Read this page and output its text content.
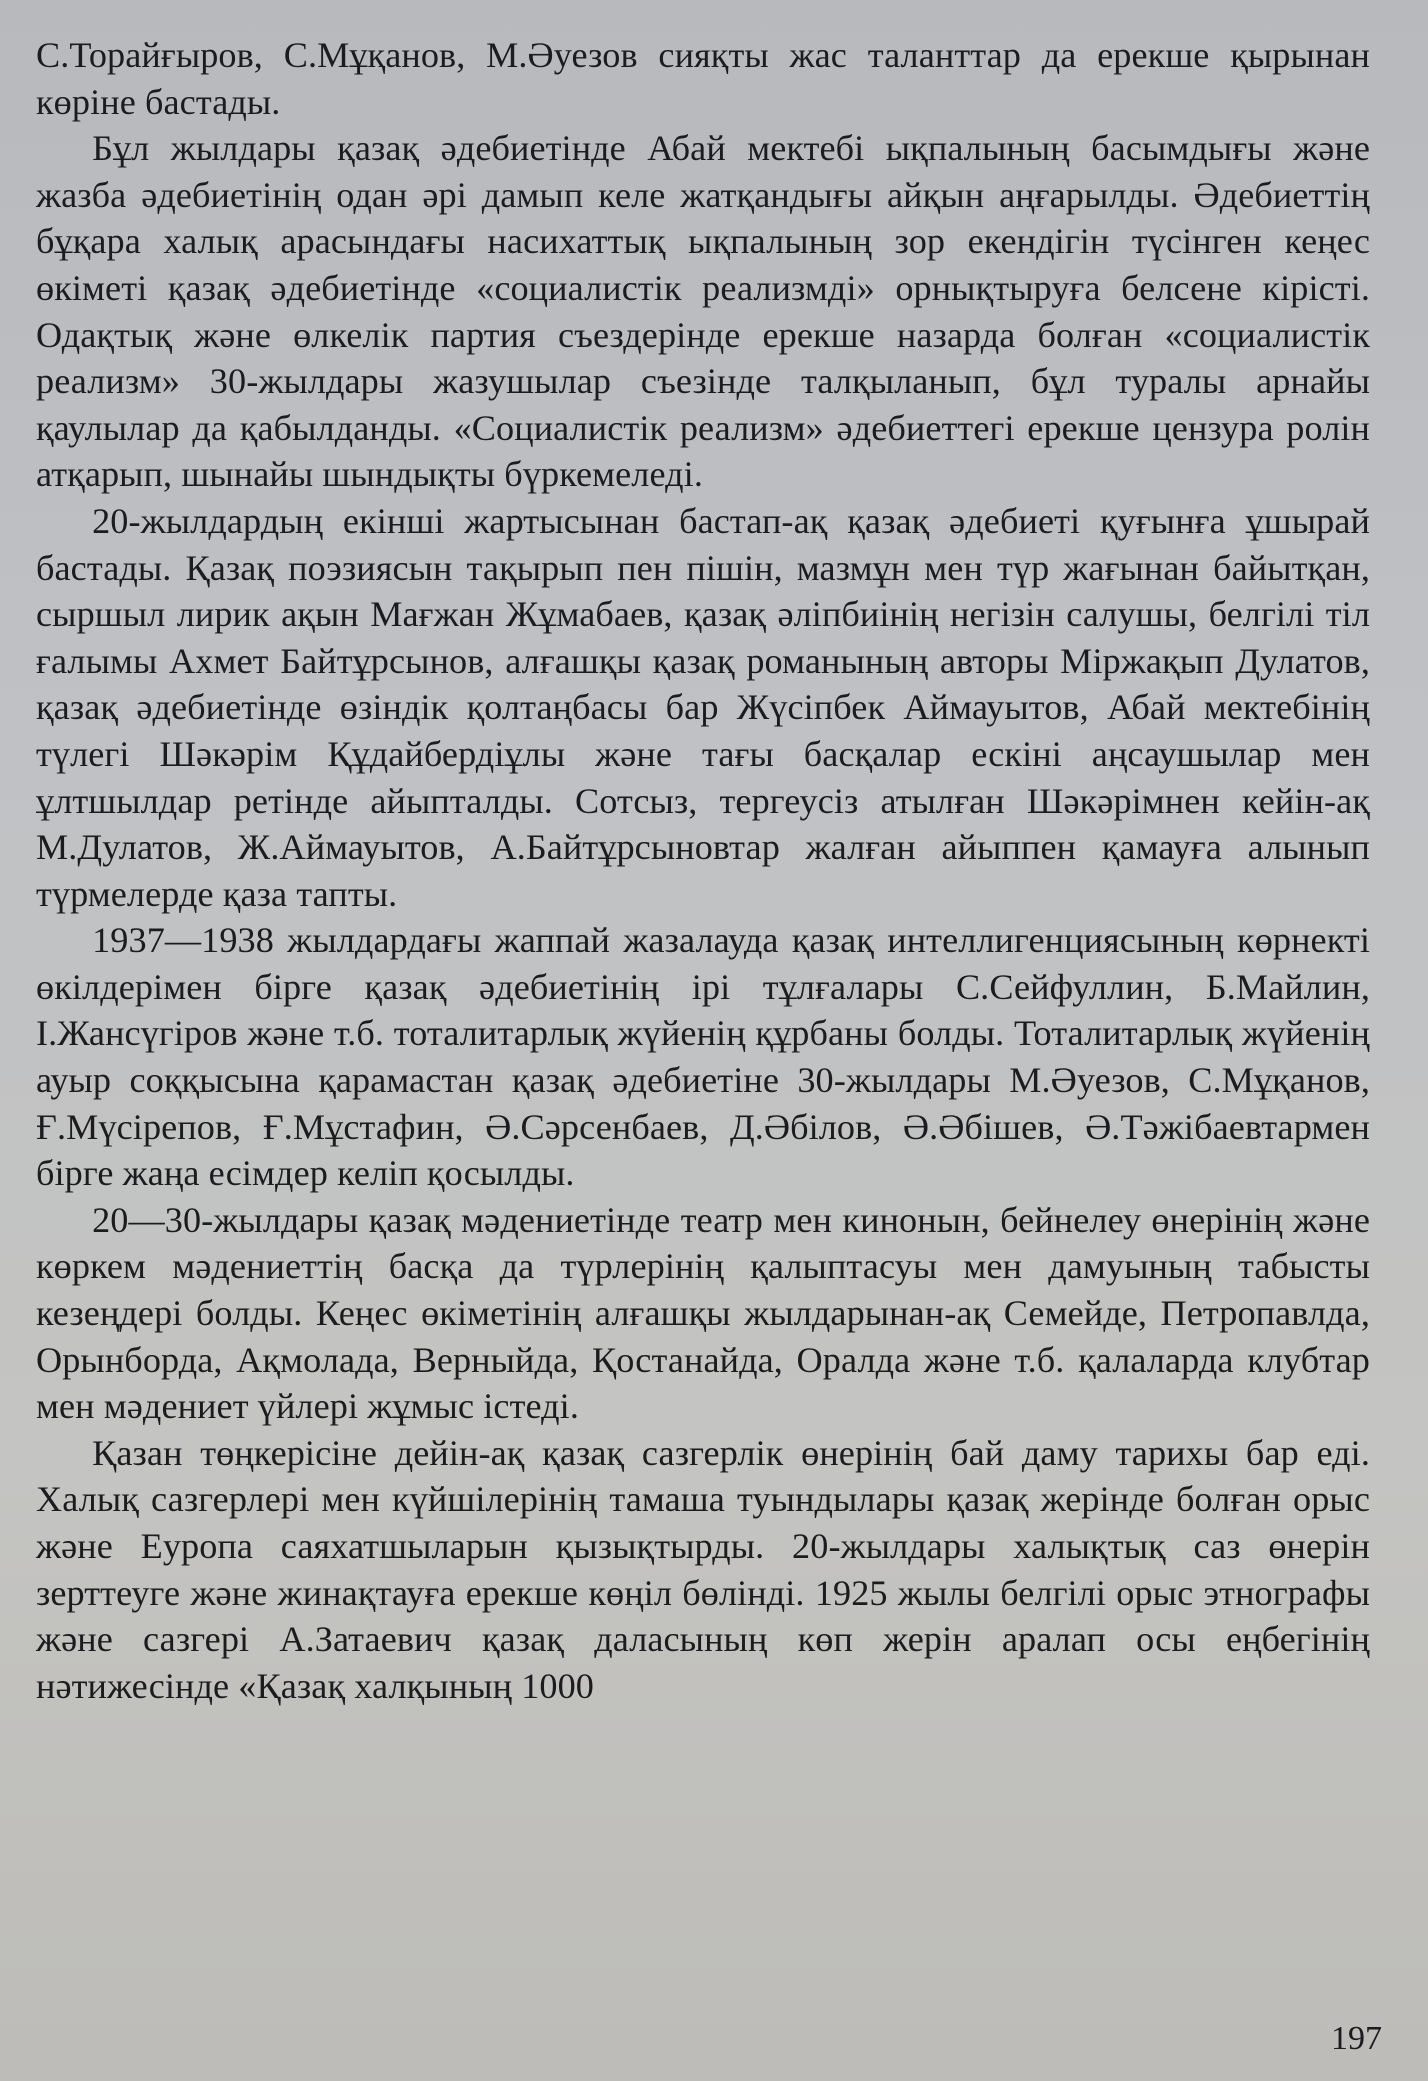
С.Торайғыров, С.Мұқанов, М.Әуезов сияқты жас таланттар да ерекше қырынан көріне бастады.

Бұл жылдары қазақ әдебиетінде Абай мектебі ықпалының басымдығы және жазба әдебиетінің одан әрі дамып келе жатқандығы айқын аңғарылды. Әдебиеттің бұқара халық арасындағы насихаттық ықпалының зор екендігін түсінген кеңес өкіметі қазақ әдебиетінде «социалистік реализмді» орнықтыруға белсене кірісті. Одақтық және өлкелік партия съездерінде ерекше назарда болған «социалистік реализм» 30-жылдары жазушылар съезінде талқыланып, бұл туралы арнайы қаулылар да қабылданды. «Социалистік реализм» әдебиеттегі ерекше цензура ролін атқарып, шынайы шындықты бүркемеледі.

20-жылдардың екінші жартысынан бастап-ақ қазақ әдебиеті қуғынға ұшырай бастады. Қазақ поэзиясын тақырып пен пішін, мазмұн мен түр жағынан байытқан, сыршыл лирик ақын Мағжан Жұмабаев, қазақ әліпбиінің негізін салушы, белгілі тіл ғалымы Ахмет Байтұрсынов, алғашқы қазақ романының авторы Міржақып Дулатов, қазақ әдебиетінде өзіндік қолтаңбасы бар Жүсіпбек Аймауытов, Абай мектебінің түлегі Шәкәрім Құдайбердіұлы және тағы басқалар ескіні аңсаушылар мен ұлтшылдар ретінде айыпталды. Сотсыз, тергеусіз атылған Шәкәрімнен кейін-ақ М.Дулатов, Ж.Аймауытов, А.Байтұрсыновтар жалған айыппен қамауға алынып түрмелерде қаза тапты.

1937—1938 жылдардағы жаппай жазалауда қазақ интеллигенциясының көрнекті өкілдерімен бірге қазақ әдебиетінің ірі тұлғалары С.Сейфуллин, Б.Майлин, І.Жансүгіров және т.б. тоталитарлық жүйенің құрбаны болды. Тоталитарлық жүйенің ауыр соққысына қарамастан қазақ әдебиетіне 30-жылдары М.Әуезов, С.Мұқанов, Ғ.Мүсірепов, Ғ.Мұстафин, Ә.Сәрсенбаев, Д.Әбілов, Ә.Әбішев, Ә.Тәжібаевтармен бірге жаңа есімдер келіп қосылды.

20—30-жылдары қазақ мәдениетінде театр мен кинонын, бейнелеу өнерінің және көркем мәдениеттің басқа да түрлерінің қалыптасуы мен дамуының табысты кезеңдері болды. Кеңес өкіметінің алғашқы жылдарынан-ақ Семейде, Петропавлда, Орынборда, Ақмолада, Верныйда, Қостанайда, Оралда және т.б. қалаларда клубтар мен мәдениет үйлері жұмыс істеді.

Қазан төңкерісіне дейін-ақ қазақ сазгерлік өнерінің бай даму тарихы бар еді. Халық сазгерлері мен күйшілерінің тамаша туындылары қазақ жерінде болған орыс және Еуропа саяхатшыларын қызықтырды. 20-жылдары халықтық саз өнерін зерттеуге және жинақтауға ерекше көңіл бөлінді. 1925 жылы белгілі орыс этнографы және сазгері А.Затаевич қазақ даласының көп жерін аралап осы еңбегінің нәтижесінде «Қазақ халқының 1000

197
